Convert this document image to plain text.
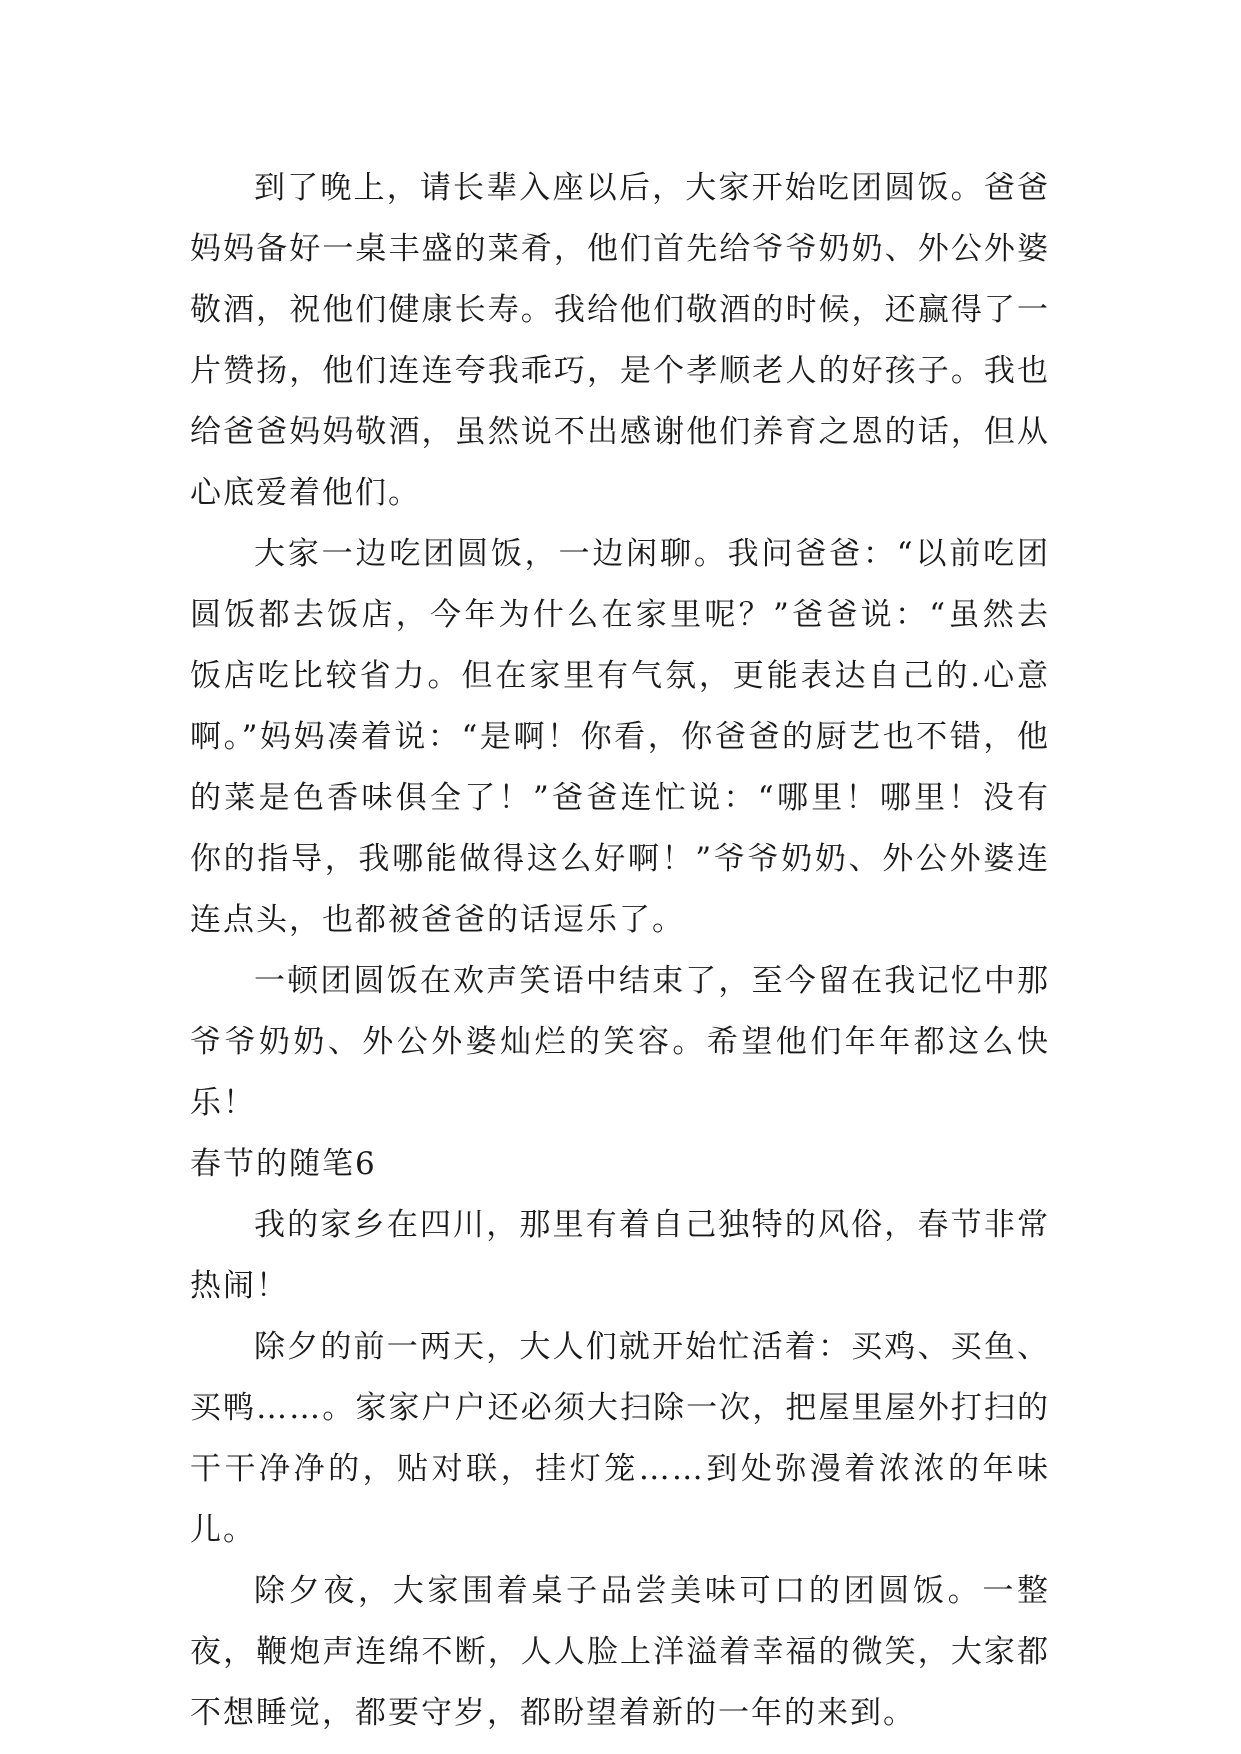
到了晚上，请长辈入座以后，大家开始吃团圆饭。爸爸妈妈备好一桌丰盛的菜肴，他们首先给爷爷奶奶、外公外婆敬酒，祝他们健康长寿。我给他们敬酒的时候，还赢得了一片赞扬，他们连连夸我乖巧，是个孝顺老人的好孩子。我也给爸爸妈妈敬酒，虽然说不出感谢他们养育之恩的话，但从心底爱着他们。

大家一边吃团圆饭，一边闲聊。我问爸爸：“以前吃团圆饭都去饭店，今年为什么在家里呢？”爸爸说：“虽然去饭店吃比较省力。但在家里有气氛，更能表达自己的.心意啊。”妈妈凑着说：“是啊！你看，你爸爸的厨艺也不错，他的菜是色香味俱全了！”爸爸连忙说：“哪里！哪里！没有你的指导，我哪能做得这么好啊！”爷爷奶奶、外公外婆连连点头，也都被爸爸的话逗乐了。

一顿团圆饭在欢声笑语中结束了，至今留在我记忆中那爷爷奶奶、外公外婆灿烂的笑容。希望他们年年都这么快乐！

春节的随笔6

我的家乡在四川，那里有着自己独特的风俗，春节非常热闹！

除夕的前一两天，大人们就开始忙活着：买鸡、买鱼、买鸭……。家家户户还必须大扫除一次，把屋里屋外打扫的干干净净的，贴对联，挂灯笼……到处弥漫着浓浓的年味儿。

除夕夜，大家围着桌子品尝美味可口的团圆饭。一整夜，鞭炮声连绵不断，人人脸上洋溢着幸福的微笑，大家都不想睡觉，都要守岁，都盼望着新的一年的来到。
